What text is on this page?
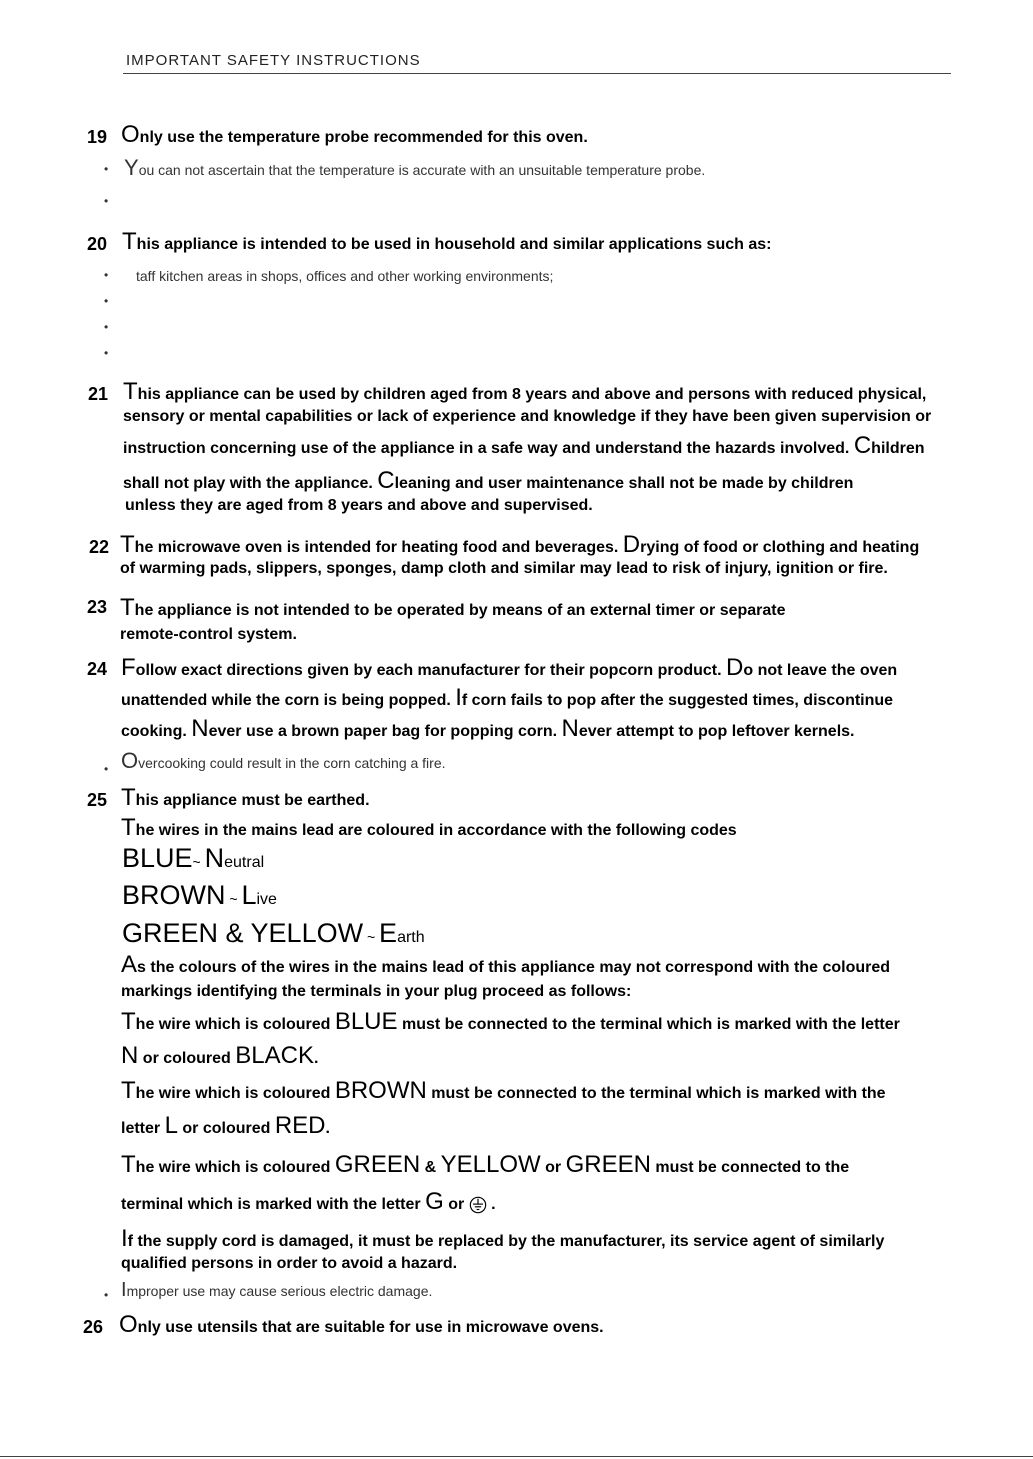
IMPORTANT SAFETY INSTRUCTIONS
19 Only use the temperature probe recommended for this oven.
• You can not ascertain that the temperature is accurate with an unsuitable temperature probe.
•
20 This appliance is intended to be used in household and similar applications such as:
• taff kitchen areas in shops, offices and other working environments;
•
•
•
21 This appliance can be used by children aged from 8 years and above and persons with reduced physical,
sensory or mental capabilities or lack of experience and knowledge if they have been given supervision or
instruction concerning use of the appliance in a safe way and understand the hazards involved. Children
shall not play with the appliance. Cleaning and user maintenance shall not be made by children
unless they are aged from 8 years and above and supervised.
22 The microwave oven is intended for heating food and beverages. Drying of food or clothing and heating
of warming pads, slippers, sponges, damp cloth and similar may lead to risk of injury, ignition or fire.
23 The appliance is not intended to be operated by means of an external timer or separate
remote-control system.
24 Follow exact directions given by each manufacturer for their popcorn product. Do not leave the oven
unattended while the corn is being popped. If corn fails to pop after the suggested times, discontinue
cooking. Never use a brown paper bag for popping corn. Never attempt to pop leftover kernels.
• Overcooking could result in the corn catching a fire.
25 This appliance must be earthed.
The wires in the mains lead are coloured in accordance with the following codes
BLUE~ Neutral
BROWN ~ Live
GREEN & YELLOW ~ Earth
As the colours of the wires in the mains lead of this appliance may not correspond with the coloured
markings identifying the terminals in your plug proceed as follows:
The wire which is coloured BLUE must be connected to the terminal which is marked with the letter
N or coloured BLACK.
The wire which is coloured BROWN must be connected to the terminal which is marked with the
letter L or coloured RED.
The wire which is coloured GREEN & YELLOW or GREEN must be connected to the
terminal which is marked with the letter G or  .
If the supply cord is damaged, it must be replaced by the manufacturer, its service agent of similarly
qualified persons in order to avoid a hazard.
• Improper use may cause serious electric damage.
26 Only use utensils that are suitable for use in microwave ovens.
